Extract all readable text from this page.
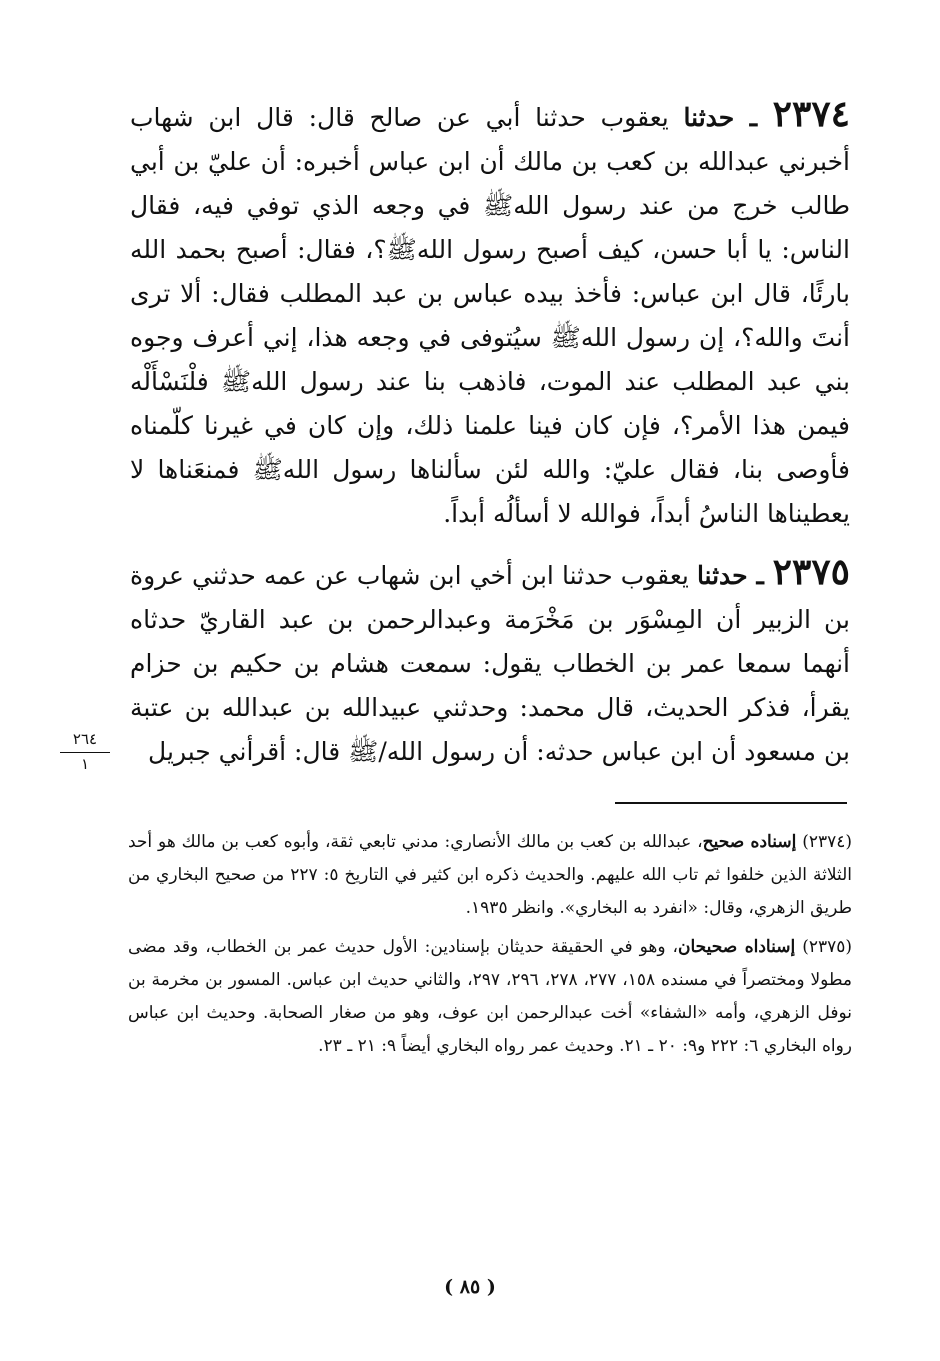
٢٣٧٤ ـ حدثنا يعقوب حدثنا أبي عن صالح قال: قال ابن شهاب أخبرني عبدالله بن كعب بن مالك أن ابن عباس أخبره: أن عليّ بن أبي طالب خرج من عند رسول اللهﷺ في وجعه الذي توفي فيه، فقال الناس: يا أبا حسن، كيف أصبح رسول اللهﷺ؟، فقال: أصبح بحمد الله بارئًا، قال ابن عباس: فأخذ بيده عباس بن عبد المطلب فقال: ألا ترى أنتَ والله؟، إن رسول اللهﷺ سيُتوفى في وجعه هذا، إني أعرف وجوه بني عبد المطلب عند الموت، فاذهب بنا عند رسول اللهﷺ فلْنَسْأَلْه فيمن هذا الأمر؟، فإن كان فينا علمنا ذلك، وإن كان في غيرنا كلّمناه فأوصى بنا، فقال عليّ: والله لئن سألناها رسول اللهﷺ فمنعَناها لا يعطيناها الناسُ أبداً، فوالله لا أسألُه أبداً.

٢٣٧٥ ـ حدثنا يعقوب حدثنا ابن أخي ابن شهاب عن عمه حدثني عروة بن الزبير أن المِسْوَر بن مَخْرَمة وعبدالرحمن بن عبد القاريّ حدثاه أنهما سمعا عمر بن الخطاب يقول: سمعت هشام بن حكيم بن حزام يقرأ، فذكر الحديث، قال محمد: وحدثني عبيدالله بن عبدالله بن عتبة بن مسعود أن ابن عباس حدثه: أن رسول الله/ﷺ قال: أقرأني جبريل

٢٦٤
١

(٢٣٧٤) إسناده صحيح، عبدالله بن كعب بن مالك الأنصاري: مدني تابعي ثقة، وأبوه كعب بن مالك هو أحد الثلاثة الذين خلفوا ثم تاب الله عليهم. والحديث ذكره ابن كثير في التاريخ ٥: ٢٢٧ من صحيح البخاري من طريق الزهري، وقال: «انفرد به البخاري». وانظر ١٩٣٥.

(٢٣٧٥) إسناداه صحيحان، وهو في الحقيقة حديثان بإسنادين: الأول حديث عمر بن الخطاب، وقد مضى مطولا ومختصراً في مسنده ١٥٨، ٢٧٧، ٢٧٨، ٢٩٦، ٢٩٧، والثاني حديث ابن عباس. المسور بن مخرمة بن نوفل الزهري، وأمه «الشفاء» أخت عبدالرحمن ابن عوف، وهو من صغار الصحابة. وحديث ابن عباس رواه البخاري ٦: ٢٢٢ و٩: ٢٠ ـ ٢١. وحديث عمر رواه البخاري أيضاً ٩: ٢١ ـ ٢٣.

( ٨٥ )
